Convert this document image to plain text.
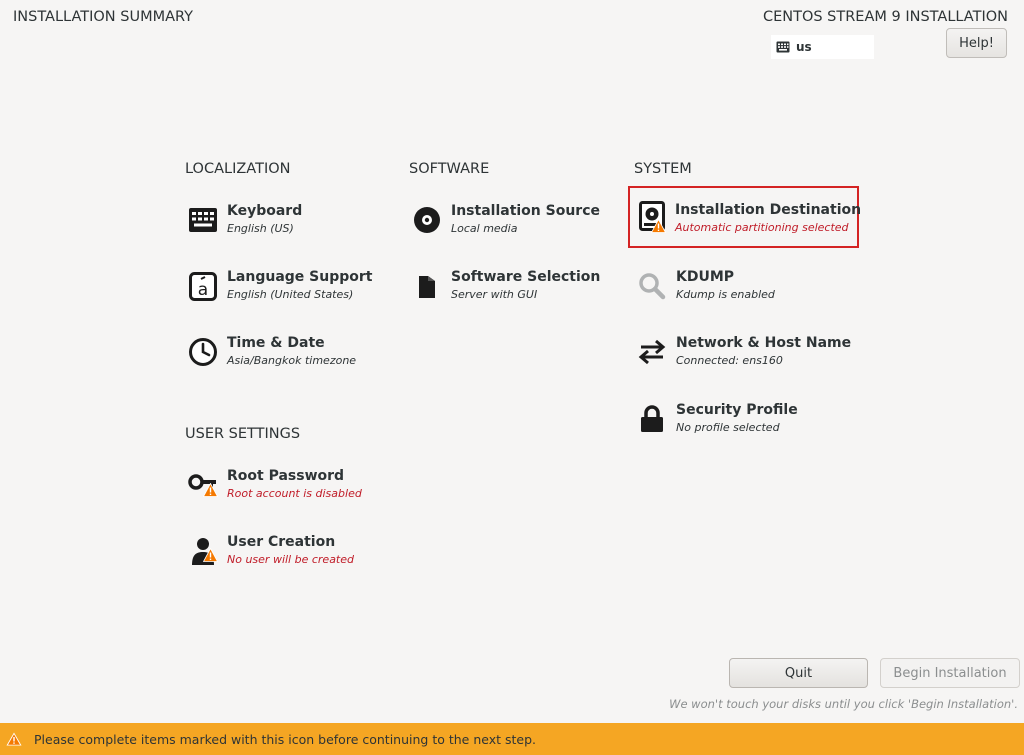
INSTALLATION SUMMARY	CENTOS STREAM 9 INSTALLATION
us	Help!
LOCALIZATION
Keyboard
English (US)
a
Language Support
English (United States)
Time & Date
Asia/Bangkok timezone
USER SETTINGS
Root Password
Root account is disabled
User Creation
No user will be created
SOFTWARE
Installation Source
Local media
Software Selection
Server with GUI
SYSTEM
Installation Destination
Automatic partitioning selected
KDUMP
Kdump is enabled
Network & Host Name
Connected: ens160
Security Profile
No profile selected
Quit	Begin Installation
We won't touch your disks until you click 'Begin Installation'.
Please complete items marked with this icon before continuing to the next step.
